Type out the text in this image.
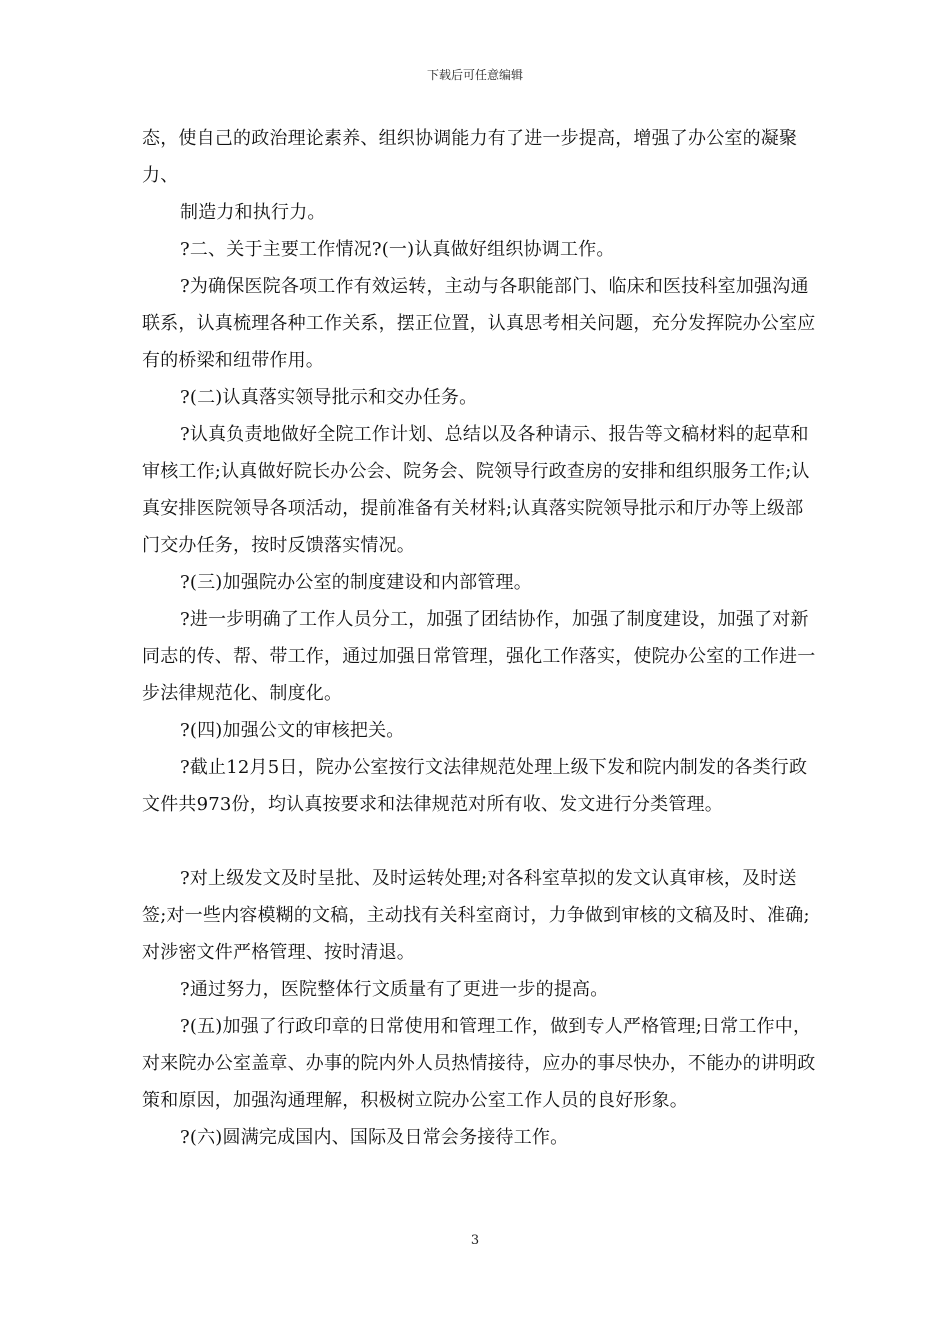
下载后可任意编辑

态，使自己的政治理论素养、组织协调能力有了进一步提高，增强了办公室的凝聚力、

制造力和执行力。

?二、关于主要工作情况?(一)认真做好组织协调工作。

?为确保医院各项工作有效运转，主动与各职能部门、临床和医技科室加强沟通联系，认真梳理各种工作关系，摆正位置，认真思考相关问题，充分发挥院办公室应有的桥梁和纽带作用。

?(二)认真落实领导批示和交办任务。

?认真负责地做好全院工作计划、总结以及各种请示、报告等文稿材料的起草和审核工作;认真做好院长办公会、院务会、院领导行政查房的安排和组织服务工作;认真安排医院领导各项活动，提前准备有关材料;认真落实院领导批示和厅办等上级部门交办任务，按时反馈落实情况。

?(三)加强院办公室的制度建设和内部管理。

?进一步明确了工作人员分工，加强了团结协作，加强了制度建设，加强了对新同志的传、帮、带工作，通过加强日常管理，强化工作落实，使院办公室的工作进一步法律规范化、制度化。

?(四)加强公文的审核把关。

?截止12月5日，院办公室按行文法律规范处理上级下发和院内制发的各类行政文件共973份，均认真按要求和法律规范对所有收、发文进行分类管理。

?对上级发文及时呈批、及时运转处理;对各科室草拟的发文认真审核，及时送签;对一些内容模糊的文稿，主动找有关科室商讨，力争做到审核的文稿及时、准确;对涉密文件严格管理、按时清退。

?通过努力，医院整体行文质量有了更进一步的提高。

?(五)加强了行政印章的日常使用和管理工作，做到专人严格管理;日常工作中，对来院办公室盖章、办事的院内外人员热情接待，应办的事尽快办，不能办的讲明政策和原因，加强沟通理解，积极树立院办公室工作人员的良好形象。

?(六)圆满完成国内、国际及日常会务接待工作。

3
